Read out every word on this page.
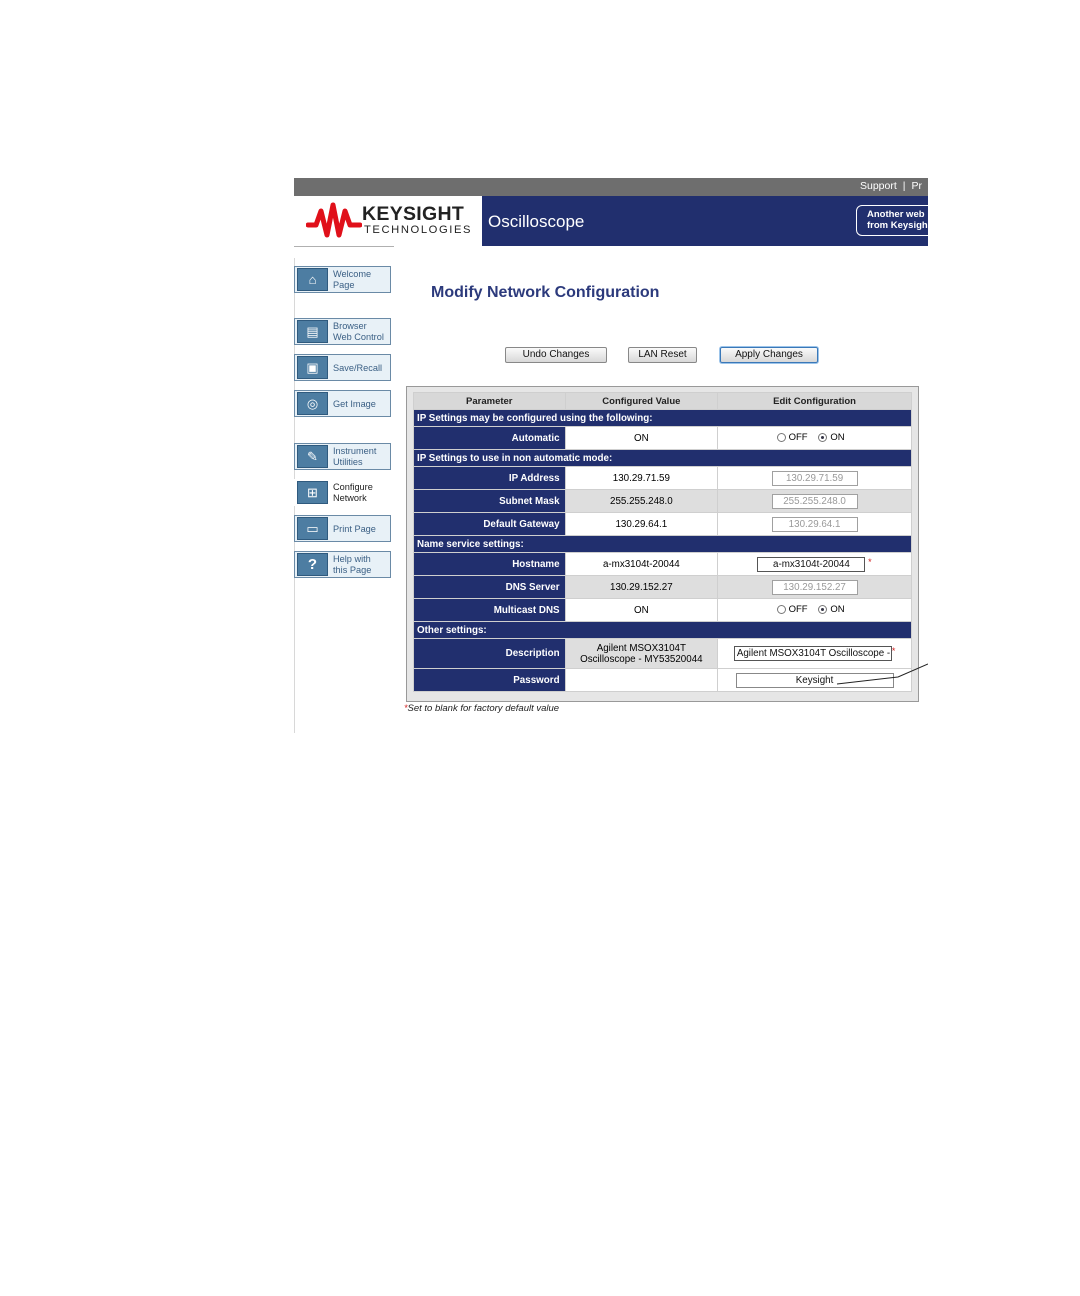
Support | Pr
KEYSIGHT
TECHNOLOGIES Oscilloscope	Another web
from Keysigh
⌂	Welcome
Page
▤	Browser
Web Control
▣	Save/Recall
◎	Get Image
✎	Instrument
Utilities
⊞	Configure
Network
▭	Print Page
?	Help with
this Page
Modify Network Configuration
Undo Changes	LAN Reset	Apply Changes
Parameter	Configured Value	Edit Configuration
IP Settings may be configured using the following:		
Automatic	ON	OFF ON
IP Settings to use in non automatic mode:		
IP Address	130.29.71.59	130.29.71.59
Subnet Mask	255.255.248.0	255.255.248.0
Default Gateway	130.29.64.1	130.29.64.1
Name service settings:		
Hostname	a-mx3104t-20044	a-mx3104t-20044 *
DNS Server	130.29.152.27	130.29.152.27
Multicast DNS	ON	OFF ON
Other settings:		
Description	Agilent MSOX3104T
Oscilloscope - MY53520044	Agilent MSOX3104T Oscilloscope - *
Password		Keysight
*Set to blank for factory default value
